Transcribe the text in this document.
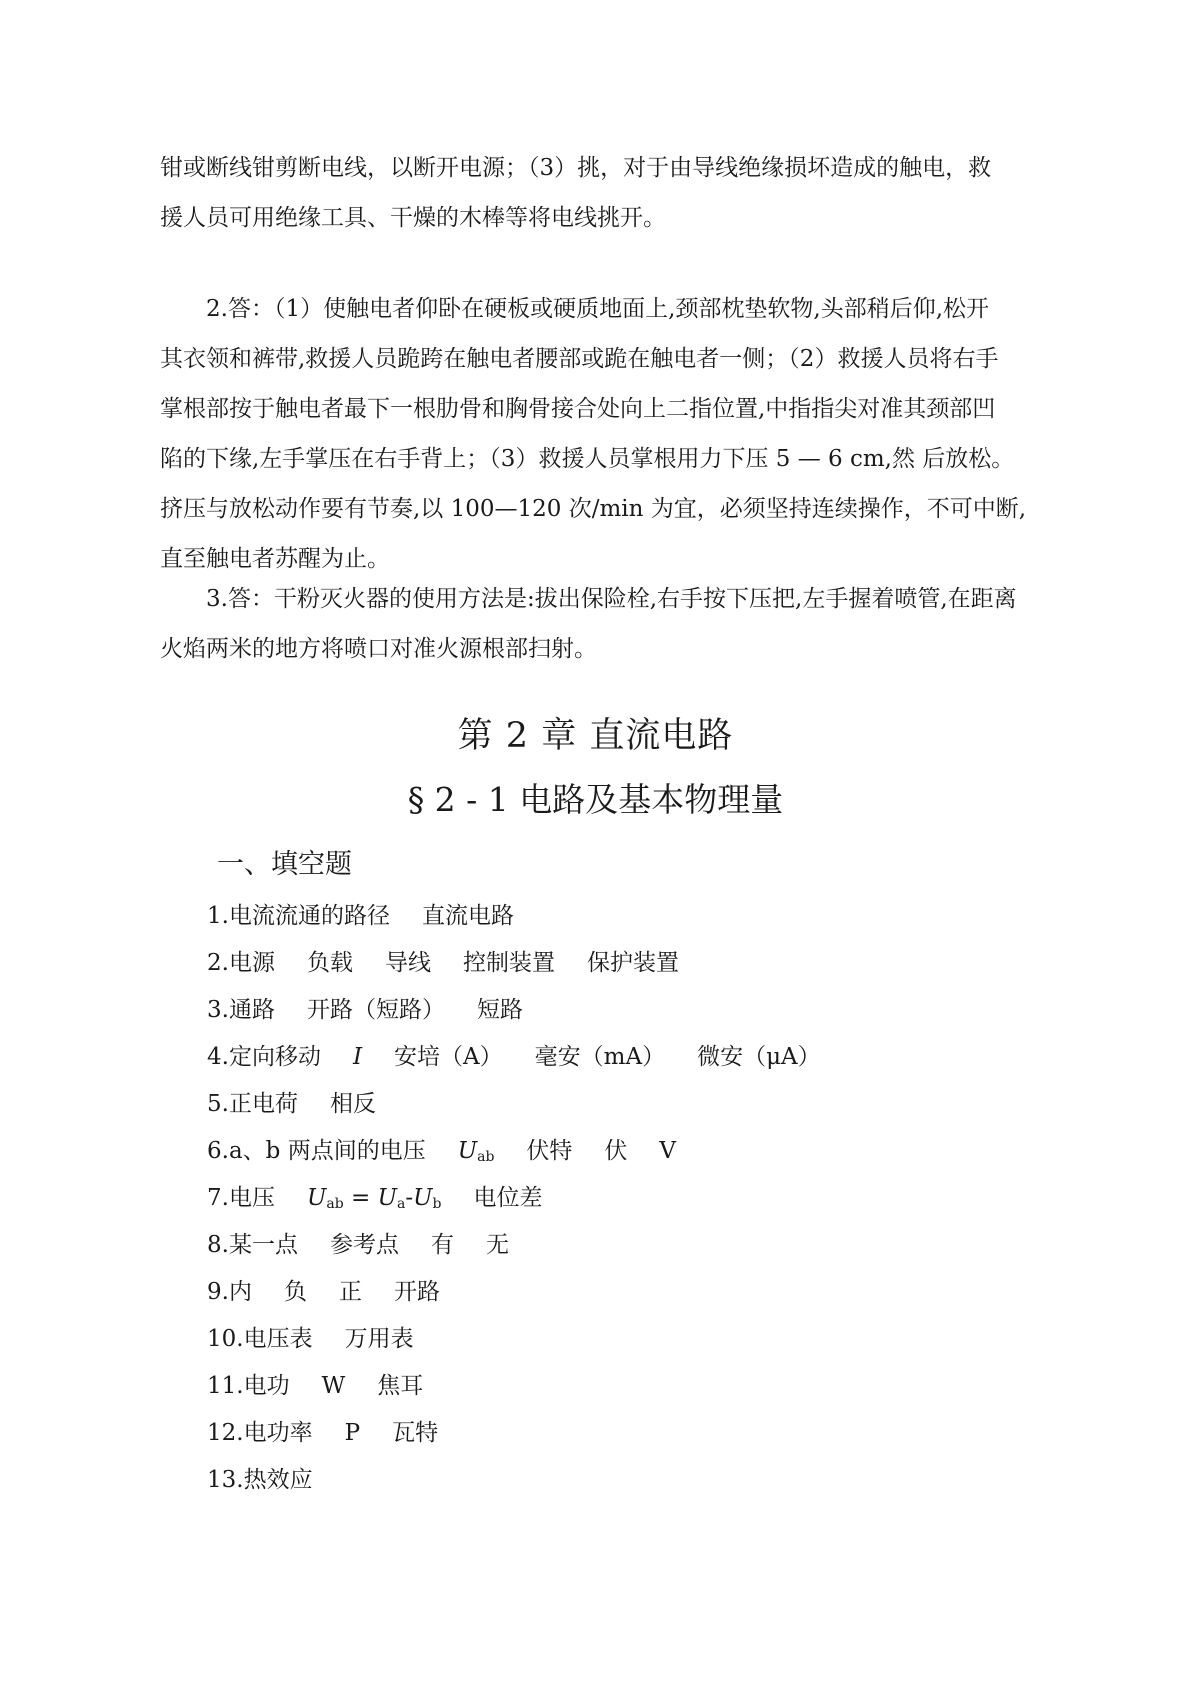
钳或断线钳剪断电线，以断开电源；（3）挑，对于由导线绝缘损坏造成的触电，救

援人员可用绝缘工具、干燥的木棒等将电线挑开。

2.答：（1）使触电者仰卧在硬板或硬质地面上,颈部枕垫软物,头部稍后仰,松开

其衣领和裤带,救援人员跪跨在触电者腰部或跪在触电者一侧；（2）救援人员将右手

掌根部按于触电者最下一根肋骨和胸骨接合处向上二指位置,中指指尖对准其颈部凹

陷的下缘,左手掌压在右手背上；（3）救援人员掌根用力下压 5 — 6 cm,然 后放松。

挤压与放松动作要有节奏,以 100—120 次/min 为宜，必须坚持连续操作，不可中断,

直至触电者苏醒为止。

3.答：干粉灭火器的使用方法是:拔出保险栓,右手按下压把,左手握着喷管,在距离

火焰两米的地方将喷口对准火源根部扫射。

第 2 章 直流电路
§ 2 - 1 电路及基本物理量
一、填空题
1.电流流通的路径 直流电路
2.电源 负载 导线 控制装置 保护装置
3.通路 开路（短路） 短路
4.定向移动 I 安培（A） 毫安（mA） 微安（μA）
5.正电荷 相反
6.a、b 两点间的电压 $U_{ab}$ 伏特 伏 V
7.电压 $U_{ab} = U_a-U_b$ 电位差
8.某一点 参考点 有 无
9.内 负 正 开路
10.电压表 万用表
11.电功 W 焦耳
12.电功率 P 瓦特
13.热效应
